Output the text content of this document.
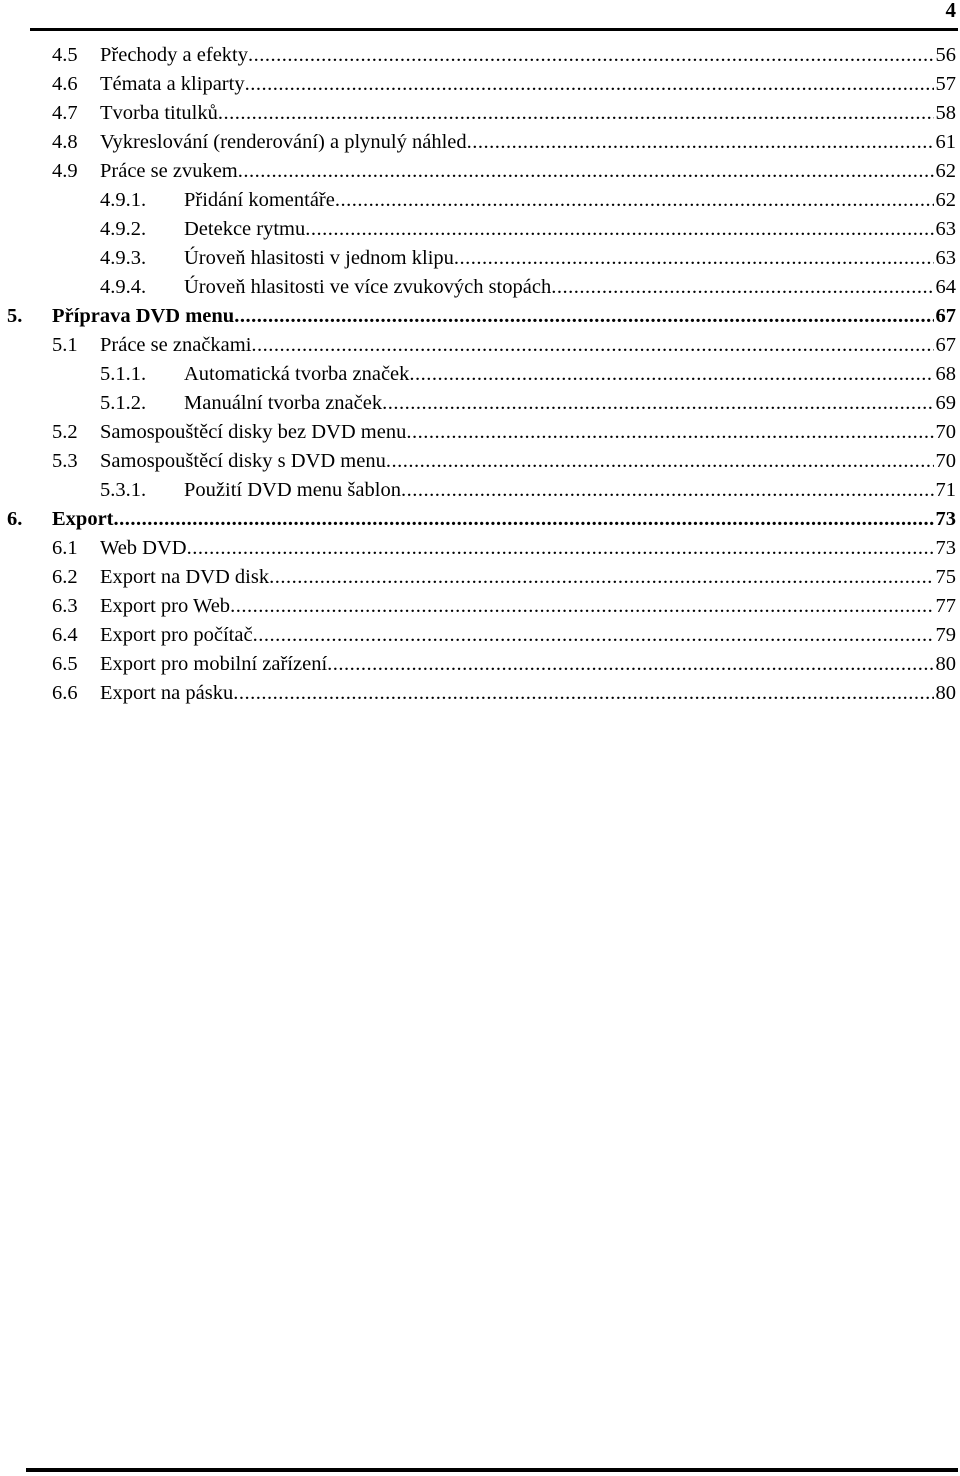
4
4.5 Přechody a efekty .....	56
4.6 Témata a kliparty .....	57
4.7 Tvorba titulků .....	58
4.8 Vykreslování (renderování) a plynulý náhled .....	61
4.9 Práce se zvukem .....	62
4.9.1. Přidání komentáře .....	62
4.9.2. Detekce rytmu .....	63
4.9.3. Úroveň hlasitosti v jednom klipu .....	63
4.9.4. Úroveň hlasitosti ve více zvukových stopách .....	64
5. Příprava DVD menu .....	67
5.1 Práce se značkami .....	67
5.1.1. Automatická tvorba značek .....	68
5.1.2. Manuální tvorba značek .....	69
5.2 Samospouštěcí disky bez DVD menu .....	70
5.3 Samospouštěcí disky s DVD menu .....	70
5.3.1. Použití DVD menu šablon .....	71
6. Export .....	73
6.1 Web DVD .....	73
6.2 Export na DVD disk .....	75
6.3 Export pro Web .....	77
6.4 Export pro počítač .....	79
6.5 Export pro mobilní zařízení .....	80
6.6 Export na pásku .....	80
